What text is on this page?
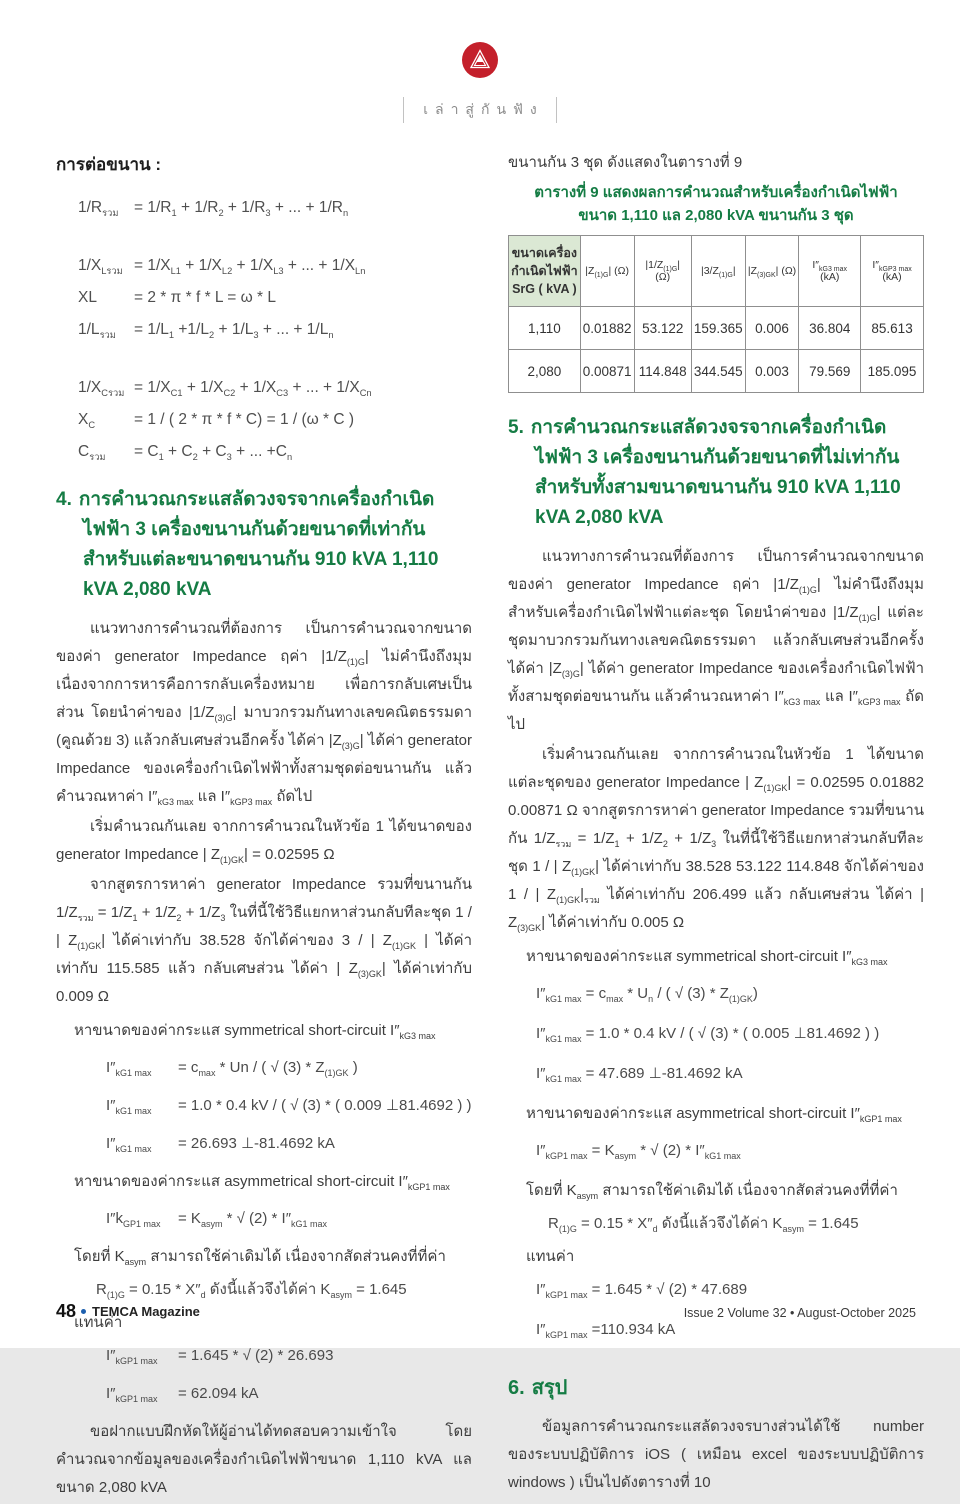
เล่าสู่กันฟัง
การต่อขนาน :
$1/R_{รวม}$	= $1/R_1 + 1/R_2 + 1/R_3$ + ... + $1/R_n$
$1/X_{Lรวม} = 1/X_{L1} + 1/X_{L2} + 1/X_{L3}$ + ... + $1/X_{Ln}$
XL	= 2 * π * f * L = ω * L
$1/L_{รวม}$	= $1/L_1 +1/L_2 + 1/L_3$ + ... + $1/L_n$
$1/X_{Cรวม} = 1/X_{C1} + 1/X_{C2} + 1/X_{C3}$ + ... + $1/X_{Cn}$
$X_C$	= 1 / ( 2 * π * f * C) = 1 / (ω * C )
$C_{รวม}$	= $C_1 + C_2 + C_3$ + ... $+C_n$
4. การคำนวณกระแสลัดวงจรจากเครื่องกำเนิดไฟฟ้า 3 เครื่องขนานกันด้วยขนาดที่เท่ากัน สำหรับแต่ละขนาดขนานกัน 910 kVA 1,110 kVA 2,080 kVA

แนวทางการคำนวณที่ต้องการ เป็นการคำนวณจากขนาดของค่า generator Impedance ฤค่า $|1/Z_{(1)G}|$ ไม่คำนึงถึงมุม เนื่องจากการหารคือการกลับเครื่องหมาย เพื่อการกลับเศษเป็นส่วน โดยนำค่าของ $|1/Z_{(3)G}|$ มาบวกรวมกันทางเลขคณิตธรรมดา (คูณด้วย 3) แล้วกลับเศษส่วนอีกครั้ง ได้ค่า $|Z_{(3)G}|$ ได้ค่า generator Impedance ของเครื่องกำเนิดไฟฟ้าทั้งสามชุดต่อขนานกัน แล้วคำนวณหาค่า $I''_{kG3 max}$ แล $I''_{kGP3 max}$ ถัดไป

เริ่มคำนวณกันเลย จากการคำนวณในหัวข้อ 1 ได้ขนาดของ generator Impedance | $Z_{(1)GK}| = 0.02595$ Ω

จากสูตรการหาค่า generator Impedance รวมที่ขนานกัน $1/Z_{รวม} = 1/Z_1 + 1/Z_2 + 1/Z_3$ ในที่นี้ใช้วิธีแยกหาส่วนกลับทีละชุด 1 / | $Z_{(1)GK}|$ ได้ค่าเท่ากับ 38.528 จักได้ค่าของ 3 / | $Z_{(1)GK}$ | ได้ค่าเท่ากับ 115.585 แล้ว กลับเศษส่วน ได้ค่า | $Z_{(3)GK}|$ ได้ค่าเท่ากับ 0.009 Ω

หาขนาดของค่ากระแส symmetrical short-circuit $I''_{kG3 max}$

$I''_{kG1 max}$	= $c_{max}$ * Un / ( √ $(3) * Z_{(1)GK}$ )
$I''_{kG1 max}$	= 1.0 * 0.4 kV / ( √ (3) * ( 0.009 ⊥81.4692 ) )
$I''_{kG1 max}$	= 26.693 ⊥-81.4692 kA

หาขนาดของค่ากระแส asymmetrical short-circuit $I''_{kGP1 max}$

$I''k_{GP1 max}$	= $K_{asym}$ * √ $(2) * I''_{kG1 max}$

โดยที่ $K_{asym}$ สามารถใช้ค่าเดิมได้ เนื่องจากสัดส่วนคงที่ที่ค่า

$R_{(1)G} = 0.15 * X''_d$ ดังนี้แล้วจึงได้ค่า $K_{asym} = 1.645$

แทนค่า

$I''_{kGP1 max}$	= 1.645 * √ (2) * 26.693
$I''_{kGP1 max}$	= 62.094 kA

ขอฝากแบบฝึกหัดให้ผู้อ่านได้ทดสอบความเข้าใจ โดยคำนวณจากข้อมูลของเครื่องกำเนิดไฟฟ้าขนาด 1,110 kVA แลขนาด 2,080 kVA

ขนานกัน 3 ชุด ดังแสดงในตารางที่ 9

ตารางที่ 9 แสดงผลการคำนวณสำหรับเครื่องกำเนิดไฟฟ้า
ขนาด 1,110 แล 2,080 kVA ขนานกัน 3 ชุด

ขนาดเครื่อง
กำเนิดไฟฟ้า
SrG ( kVA )	$|Z_{(1)G}|$ (Ω)	$|1/Z_{(1)G}|$ (Ω)	$|3/Z_{(1)G}|$	$|Z_{(3)GK}|$ (Ω)	$I''_{kG3 max}$ (kA)	$I''_{kGP3 max}$ (kA)
1,110	0.01882	53.122	159.365	0.006	36.804	85.613
2,080	0.00871	114.848	344.545	0.003	79.569	185.095
5. การคำนวณกระแสลัดวงจรจากเครื่องกำเนิดไฟฟ้า 3 เครื่องขนานกันด้วยขนาดที่ไม่เท่ากัน สำหรับทั้งสามขนาดขนานกัน 910 kVA 1,110 kVA 2,080 kVA

แนวทางการคำนวณที่ต้องการ เป็นการคำนวณจากขนาดของค่า generator Impedance ฤค่า $|1/Z_{(1)G}|$ ไม่คำนึงถึงมุม สำหรับเครื่องกำเนิดไฟฟ้าแต่ละชุด โดยนำค่าของ $|1/Z_{(1)G}|$ แต่ละชุดมาบวกรวมกันทางเลขคณิตธรรมดา แล้วกลับเศษส่วนอีกครั้งได้ค่า $|Z_{(3)G}|$ ได้ค่า generator Impedance ของเครื่องกำเนิดไฟฟ้าทั้งสามชุดต่อขนานกัน แล้วคำนวณหาค่า $I''_{kG3 max}$ แล $I''_{kGP3 max}$ ถัดไป

เริ่มคำนวณกันเลย จากการคำนวณในหัวข้อ 1 ได้ขนาดแต่ละชุดของ generator Impedance | $Z_{(1)GK}| = 0.02595$ 0.01882 0.00871 Ω จากสูตรการหาค่า generator Impedance รวมที่ขนานกัน $1/Z_{รวม} = 1/Z_1 + 1/Z_2 + 1/Z_3$ ในที่นี้ใช้วิธีแยกหาส่วนกลับทีละชุด 1 / | $Z_{(1)GK}|$ ได้ค่าเท่ากับ 38.528 53.122 114.848 จักได้ค่าของ 1 / | $Z_{(1)GK}|_{รวม}$ ได้ค่าเท่ากับ 206.499 แล้ว กลับเศษส่วน ได้ค่า | $Z_{(3)GK}|$ ได้ค่าเท่ากับ 0.005 Ω

หาขนาดของค่ากระแส symmetrical short-circuit $I''_{kG3 max}$

$I''_{kG1 max} = c_{max} * U_n$ / ( √ $(3) * Z_{(1)GK}$)

$I''_{kG1 max} = 1.0 * 0.4$ kV / ( √ (3) * ( 0.005 ⊥81.4692 ) )

$I''_{kG1 max} = 47.689$ ⊥-81.4692 kA

หาขนาดของค่ากระแส asymmetrical short-circuit $I''_{kGP1 max}$

$I''_{kGP1 max} = K_{asym}$ * √ $(2) * I''_{kG1 max}$

โดยที่ $K_{asym}$ สามารถใช้ค่าเดิมได้ เนื่องจากสัดส่วนคงที่ที่ค่า

$R_{(1)G} = 0.15 * X''_d$ ดังนี้แล้วจึงได้ค่า $K_{asym} = 1.645$

แทนค่า

$I''_{kGP1 max} = 1.645$ * √ (2) * 47.689

$I''_{kGP1 max} =110.934$ kA

6. สรุป

ข้อมูลการคำนวณกระแสลัดวงจรบางส่วนได้ใช้ number ของระบบปฏิบัติการ iOS ( เหมือน excel ของระบบปฏิบัติการ windows ) เป็นไปดังตารางที่ 10

48 TEMCA Magazine	Issue 2 Volume 32 • August-October 2025
